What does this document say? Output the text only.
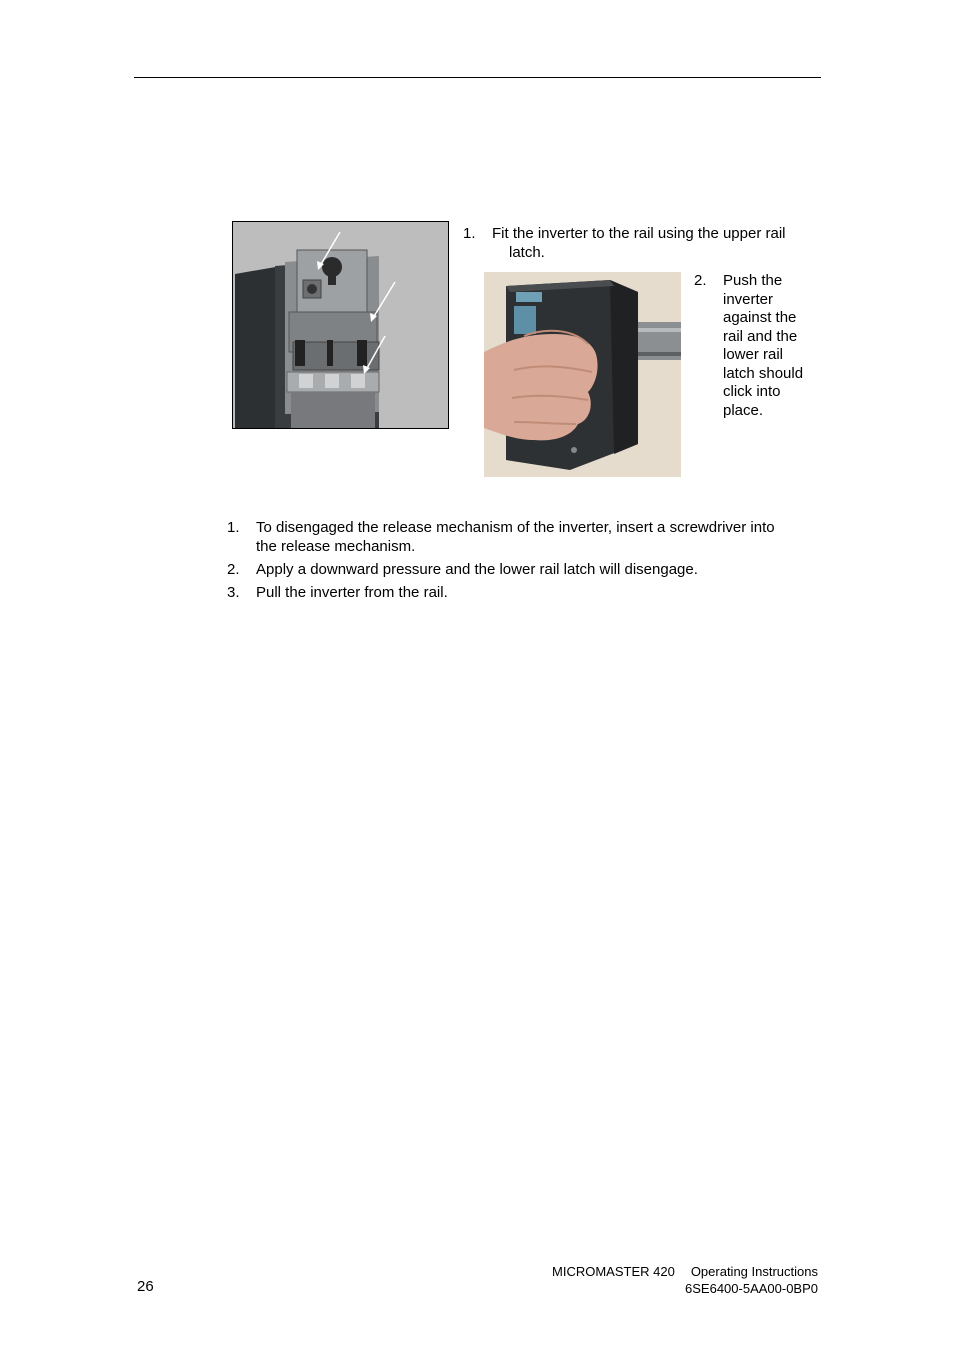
1. Fit the inverter to the rail using the upper rail
latch.
2. Push the
inverter
against the
rail and the
lower rail
latch should
click into
place.
1. To disengaged the release mechanism of the inverter, insert a screwdriver into
the release mechanism.
2. Apply a downward pressure and the lower rail latch will disengage.
3. Pull the inverter from the rail.
MICROMASTER 420 Operating Instructions
6SE6400-5AA00-0BP0
26
